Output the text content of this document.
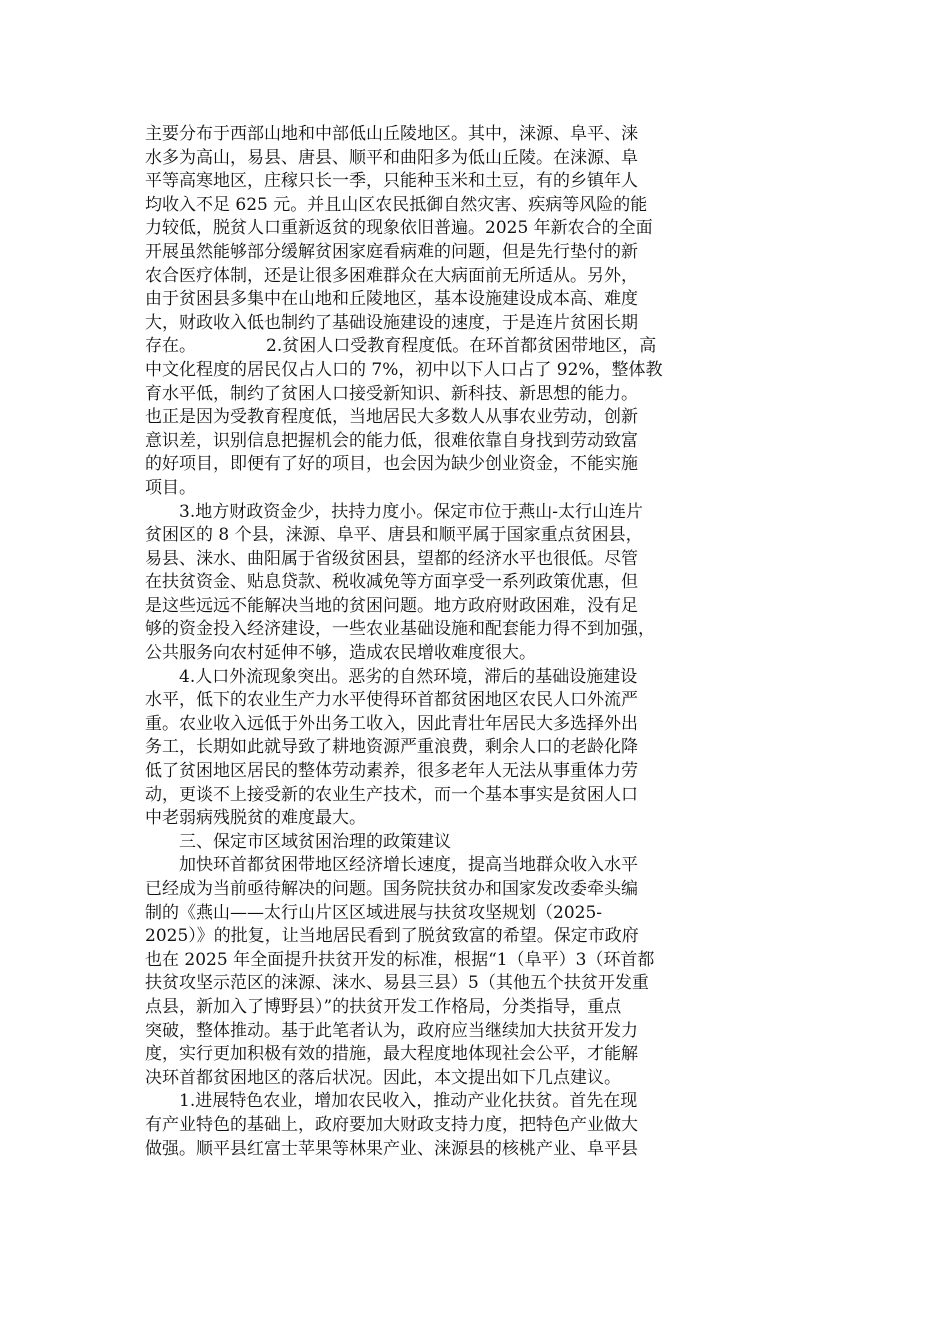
主要分布于西部山地和中部低山丘陵地区。其中，涞源、阜平、涞
水多为高山，易县、唐县、顺平和曲阳多为低山丘陵。在涞源、阜
平等高寒地区，庄稼只长一季，只能种玉米和土豆，有的乡镇年人
均收入不足 625 元。并且山区农民抵御自然灾害、疾病等风险的能
力较低，脱贫人口重新返贫的现象依旧普遍。2025 年新农合的全面
开展虽然能够部分缓解贫困家庭看病难的问题，但是先行垫付的新
农合医疗体制，还是让很多困难群众在大病面前无所适从。另外，
由于贫困县多集中在山地和丘陵地区，基本设施建设成本高、难度
大，财政收入低也制约了基础设施建设的速度，于是连片贫困长期
存在。	2.贫困人口受教育程度低。在环首都贫困带地区，高
中文化程度的居民仅占人口的 7%，初中以下人口占了 92%，整体教
育水平低，制约了贫困人口接受新知识、新科技、新思想的能力。
也正是因为受教育程度低，当地居民大多数人从事农业劳动，创新
意识差，识别信息把握机会的能力低，很难依靠自身找到劳动致富
的好项目，即便有了好的项目，也会因为缺少创业资金，不能实施
项目。
3.地方财政资金少，扶持力度小。保定市位于燕山-太行山连片
贫困区的 8 个县，涞源、阜平、唐县和顺平属于国家重点贫困县，
易县、涞水、曲阳属于省级贫困县，望都的经济水平也很低。尽管
在扶贫资金、贴息贷款、税收减免等方面享受一系列政策优惠，但
是这些远远不能解决当地的贫困问题。地方政府财政困难，没有足
够的资金投入经济建设，一些农业基础设施和配套能力得不到加强，
公共服务向农村延伸不够，造成农民增收难度很大。
4.人口外流现象突出。恶劣的自然环境，滞后的基础设施建设
水平，低下的农业生产力水平使得环首都贫困地区农民人口外流严
重。农业收入远低于外出务工收入，因此青壮年居民大多选择外出
务工，长期如此就导致了耕地资源严重浪费，剩余人口的老龄化降
低了贫困地区居民的整体劳动素养，很多老年人无法从事重体力劳
动，更谈不上接受新的农业生产技术，而一个基本事实是贫困人口
中老弱病残脱贫的难度最大。
三、保定市区域贫困治理的政策建议
加快环首都贫困带地区经济增长速度，提高当地群众收入水平
已经成为当前亟待解决的问题。国务院扶贫办和国家发改委牵头编
制的《燕山——太行山片区区域进展与扶贫攻坚规划（2025-
2025）》的批复，让当地居民看到了脱贫致富的希望。保定市政府
也在 2025 年全面提升扶贫开发的标准，根据“1（阜平）3（环首都
扶贫攻坚示范区的涞源、涞水、易县三县）5（其他五个扶贫开发重
点县，新加入了博野县）”的扶贫开发工作格局，分类指导，重点
突破，整体推动。基于此笔者认为，政府应当继续加大扶贫开发力
度，实行更加积极有效的措施，最大程度地体现社会公平，才能解
决环首都贫困地区的落后状况。因此，本文提出如下几点建议。
1.进展特色农业，增加农民收入，推动产业化扶贫。首先在现
有产业特色的基础上，政府要加大财政支持力度，把特色产业做大
做强。顺平县红富士苹果等林果产业、涞源县的核桃产业、阜平县
